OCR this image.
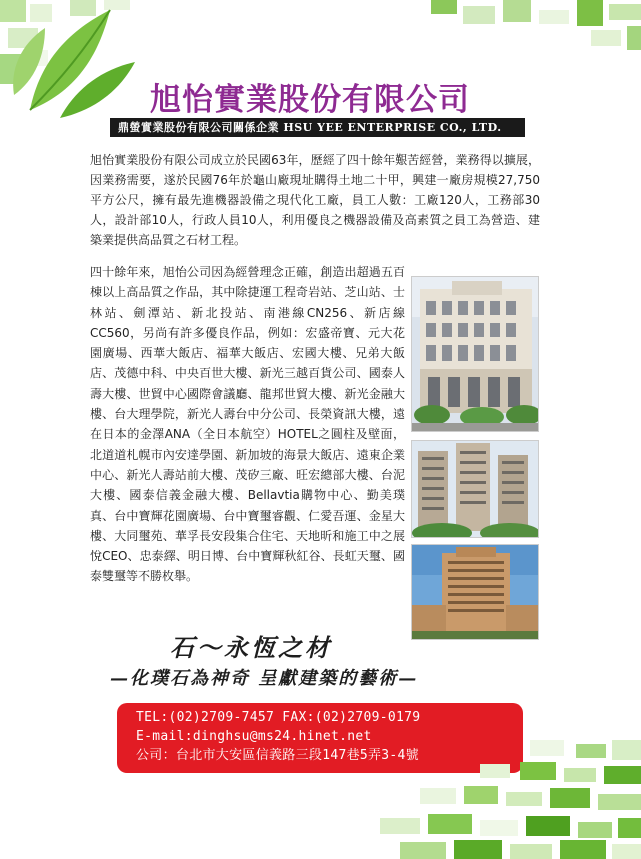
旭怡實業股份有限公司
鼎螢實業股份有限公司關係企業 HSU YEE ENTERPRISE CO., LTD.

旭怡實業股份有限公司成立於民國63年，歷經了四十餘年艱苦經營，業務得以擴展，因業務需要，遂於民國76年於龜山廠現址購得土地二十甲，興建一廠房規模27,750平方公尺，擁有最先進機器設備之現代化工廠，員工人數：工廠120人，工務部30人，設計部10人，行政人員10人，利用優良之機器設備及高素質之員工為營造、建築業提供高品質之石材工程。

四十餘年來，旭怡公司因為經營理念正確，創造出超過五百棟以上高品質之作品，其中除捷運工程奇岩站、芝山站、士林站、劍潭站、新北投站、南港線CN256、新店線CC560，另尚有許多優良作品，例如：宏盛帝寶、元大花園廣場、西華大飯店、福華大飯店、宏國大樓、兄弟大飯店、茂德中科、中央百世大樓、新光三越百貨公司、國泰人壽大樓、世貿中心國際會議廳、龍邦世貿大樓、新光金融大樓、台大理學院，新光人壽台中分公司、長榮資訊大樓，遠在日本的金澤ANA（全日本航空）HOTEL之圓柱及壁面，北道道札幌市內安達學園、新加坡的海景大飯店、遠東企業中心、新光人壽站前大樓、茂矽三廠、旺宏總部大樓、台泥大樓、國泰信義金融大樓、Bellavtia購物中心、勤美璞真、台中寶輝花園廣場、台中寶璽睿觀、仁愛吾運、金星大樓、大同璽苑、華孚長安段集合住宅、天地昕和施工中之展悅CEO、忠泰繹、明日博、台中寶輝秋紅谷、長虹天璽、國泰雙璽等不勝枚舉。

石～永恆之材
—化璞石為神奇 呈獻建築的藝術—
TEL:(02)2709-7457 FAX:(02)2709-0179
E-mail:dinghsu@ms24.hinet.net
公司：台北市大安區信義路三段147巷5弄3-4號
